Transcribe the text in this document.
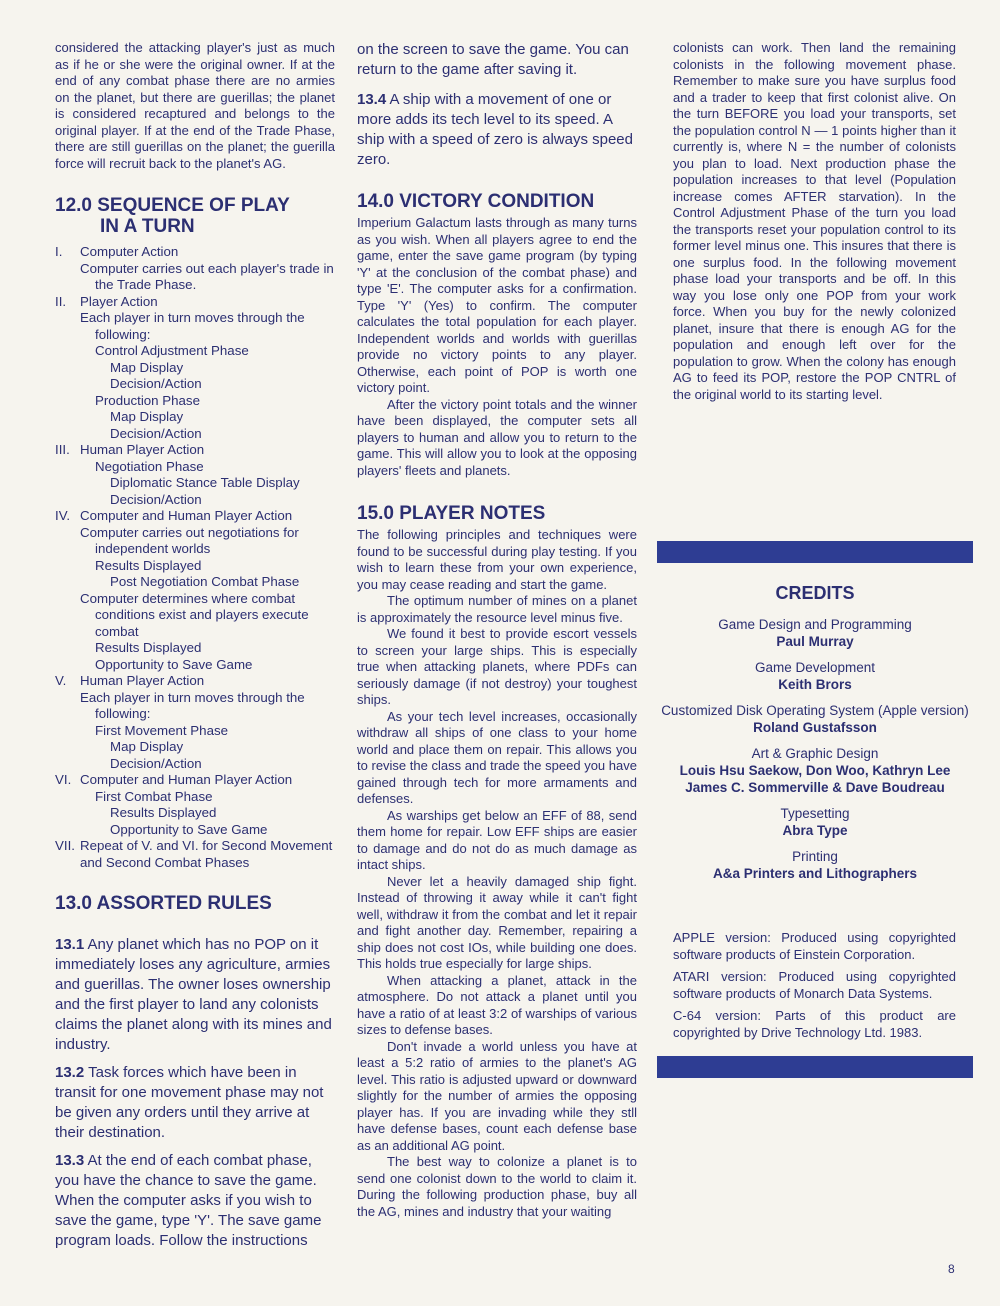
considered the attacking player's just as much as if he or she were the original owner. If at the end of any combat phase there are no armies on the planet, but there are guerillas; the planet is considered recaptured and belongs to the original player. If at the end of the Trade Phase, there are still guerillas on the planet; the guerilla force will recruit back to the planet's AG.

12.0 SEQUENCE OF PLAY
IN A TURN
I. Computer Action
Computer carries out each player's trade in the Trade Phase.
II. Player Action
Each player in turn moves through the following:
Control Adjustment Phase
Map Display
Decision/Action
Production Phase
Map Display
Decision/Action
III. Human Player Action
Negotiation Phase
Diplomatic Stance Table Display
Decision/Action
IV. Computer and Human Player Action
Computer carries out negotiations for independent worlds
Results Displayed
Post Negotiation Combat Phase
Computer determines where combat conditions exist and players execute combat
Results Displayed
Opportunity to Save Game
V. Human Player Action
Each player in turn moves through the following:
First Movement Phase
Map Display
Decision/Action
VI. Computer and Human Player Action
First Combat Phase
Results Displayed
Opportunity to Save Game
VII. Repeat of V. and VI. for Second Movement and Second Combat Phases
13.0 ASSORTED RULES

13.1 Any planet which has no POP on it immediately loses any agriculture, armies and guerillas. The owner loses ownership and the first player to land any colonists claims the planet along with its mines and industry.

13.2 Task forces which have been in transit for one movement phase may not be given any orders until they arrive at their destination.

13.3 At the end of each combat phase, you have the chance to save the game. When the computer asks if you wish to save the game, type 'Y'. The save game program loads. Follow the instructions

on the screen to save the game. You can return to the game after saving it.

13.4 A ship with a movement of one or more adds its tech level to its speed. A ship with a speed of zero is always speed zero.

14.0 VICTORY CONDITION

Imperium Galactum lasts through as many turns as you wish. When all players agree to end the game, enter the save game program (by typing 'Y' at the conclusion of the combat phase) and type 'E'. The computer asks for a confirmation. Type 'Y' (Yes) to confirm. The computer calculates the total population for each player. Independent worlds and worlds with guerillas provide no victory points to any player. Otherwise, each point of POP is worth one victory point.

After the victory point totals and the winner have been displayed, the computer sets all players to human and allow you to return to the game. This will allow you to look at the opposing players' fleets and planets.

15.0 PLAYER NOTES

The following principles and techniques were found to be successful during play testing. If you wish to learn these from your own experience, you may cease reading and start the game.

The optimum number of mines on a planet is approximately the resource level minus five.

We found it best to provide escort vessels to screen your large ships. This is especially true when attacking planets, where PDFs can seriously damage (if not destroy) your toughest ships.

As your tech level increases, occasionally withdraw all ships of one class to your home world and place them on repair. This allows you to revise the class and trade the speed you have gained through tech for more armaments and defenses.

As warships get below an EFF of 88, send them home for repair. Low EFF ships are easier to damage and do not do as much damage as intact ships.

Never let a heavily damaged ship fight. Instead of throwing it away while it can't fight well, withdraw it from the combat and let it repair and fight another day. Remember, repairing a ship does not cost IOs, while building one does. This holds true especially for large ships.

When attacking a planet, attack in the atmosphere. Do not attack a planet until you have a ratio of at least 3:2 of warships of various sizes to defense bases.

Don't invade a world unless you have at least a 5:2 ratio of armies to the planet's AG level. This ratio is adjusted upward or downward slightly for the number of armies the opposing player has. If you are invading while they stll have defense bases, count each defense base as an additional AG point.

The best way to colonize a planet is to send one colonist down to the world to claim it. During the following production phase, buy all the AG, mines and industry that your waiting

colonists can work. Then land the remaining colonists in the following movement phase. Remember to make sure you have surplus food and a trader to keep that first colonist alive. On the turn BEFORE you load your transports, set the population control N — 1 points higher than it currently is, where N = the number of colonists you plan to load. Next production phase the population increases to that level (Population increase comes AFTER starvation). In the Control Adjustment Phase of the turn you load the transports reset your population control to its former level minus one. This insures that there is one surplus food. In the following movement phase load your transports and be off. In this way you lose only one POP from your work force. When you buy for the newly colonized planet, insure that there is enough AG for the population and enough left over for the population to grow. When the colony has enough AG to feed its POP, restore the POP CNTRL of the original world to its starting level.

CREDITS
Game Design and Programming
Paul Murray
Game Development
Keith Brors
Customized Disk Operating System (Apple version)
Roland Gustafsson
Art & Graphic Design
Louis Hsu Saekow, Don Woo, Kathryn Lee James C. Sommerville & Dave Boudreau
Typesetting
Abra Type
Printing
A&a Printers and Lithographers

APPLE version: Produced using copyrighted software products of Einstein Corporation.

ATARI version: Produced using copyrighted software products of Monarch Data Systems.

C-64 version: Parts of this product are copyrighted by Drive Technology Ltd. 1983.

8
